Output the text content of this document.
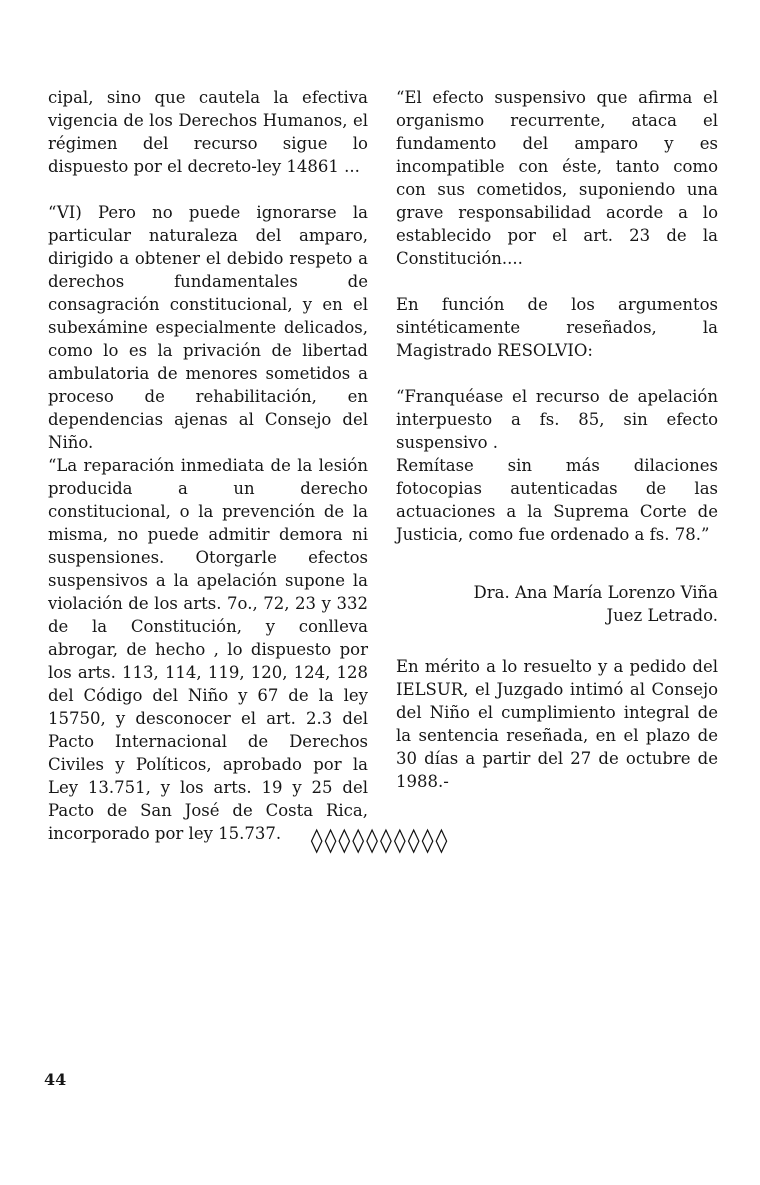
cipal, sino que cautela la efectiva vigencia de los Derechos Humanos, el régimen del recurso sigue lo dispuesto por el decreto-ley 14861 ...

“VI) Pero no puede ignorarse la particular naturaleza del amparo, dirigido a obtener el debido respeto a derechos fundamentales de consagración constitucional, y en el subexámine especialmente delicados, como lo es la privación de libertad ambulatoria de menores sometidos a proceso de rehabilitación, en dependencias ajenas al Consejo del Niño.

“La reparación inmediata de la lesión producida a un derecho constitucional, o la prevención de la misma, no puede admitir demora ni suspensiones. Otorgarle efectos suspensivos a la apelación supone la violación de los arts. 7o., 72, 23 y 332 de la Constitución, y conlleva abrogar, de hecho , lo dispuesto por los arts. 113, 114, 119, 120, 124, 128 del Código del Niño y 67 de la ley 15750, y desconocer el art. 2.3 del Pacto Internacional de Derechos Civiles y Políticos, aprobado por la Ley 13.751, y los arts. 19 y 25 del Pacto de San José de Costa Rica, incorporado por ley 15.737.

“El efecto suspensivo que afirma el organismo recurrente, ataca el fundamento del amparo y es incompatible con éste, tanto como con sus cometidos, suponiendo una grave responsabilidad acorde a lo establecido por el art. 23 de la Constitución....

En función de los argumentos sintéticamente reseñados, la Magistrado RESOLVIO:

“Franquéase el recurso de apelación interpuesto a fs. 85, sin efecto suspensivo .

Remítase sin más dilaciones fotocopias autenticadas de las actuaciones a la Suprema Corte de Justicia, como fue ordenado a fs. 78.”

Dra. Ana María Lorenzo Viña
Juez Letrado.

En mérito a lo resuelto y a pedido del IELSUR, el Juzgado intimó al Consejo del Niño el cumplimiento integral de la sentencia reseñada, en el plazo de 30 días a partir del 27 de octubre de 1988.-

◊◊◊◊◊◊◊◊◊◊
44
